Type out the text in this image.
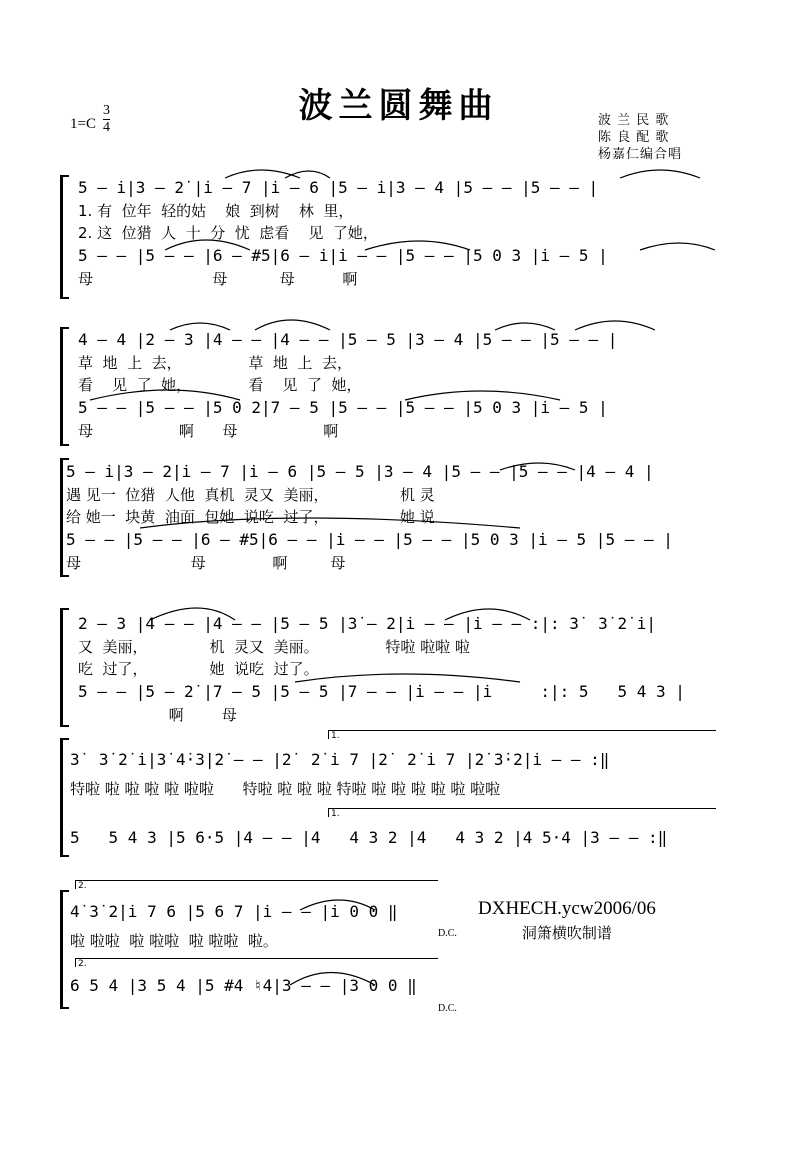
波兰圆舞曲
1=C
3
4	波 兰 民 歌
陈 良 配 歌
杨嘉仁编合唱
5 – i̇|3 – 2̇ |i̇ – 7 |i̇ – 6 |5 – i̇|3 – 4 |5 – – |5 – – |
1. 有  位年  轻的姑    娘  到树    林  里，
2. 这  位猎  人  十  分  忧  虑看    见  了她，
5 – – |5 – – |6 – #5|6 – i̇|i̇ – – |5 – – |5 0 3 |i̇ – 5 |
母                         母           母          啊
4 – 4 |2 – 3 |4 – – |4 – – |5 – 5 |3 – 4 |5 – – |5 – – |
草  地  上  去，              草  地  上  去，
看    见  了  她，            看    见  了  她，
5 – – |5 – – |5 0 2̇|7 – 5 |5 – – |5 – – |5 0 3 |i̇ – 5 |
母                  啊      母                  啊
5 – i̇|3 – 2̇|i̇ – 7 |i̇ – 6 |5 – 5 |3 – 4 |5 – – |5 – – |4 – 4 |
遇 见一  位猎  人他  真机  灵又  美丽，               机 灵
给 她一  块黄  油面  包她  说吃  过了，               她 说
5 – – |5 – – |6 – #5|6 – – |i – – |5 – – |5 0 3 |i̇ – 5 |5 – – |
母                       母              啊         母
2 – 3 |4 – – |4 – – |5 – 5 |3̇ – 2̇|i̇ – – |i̇ – – :|: 3̇  3̇ 2̇ i̇|
又  美丽，             机  灵又  美丽。              特啦 啦啦 啦
吃  过了，             她  说吃  过了。
5 – – |5 – 2̇ |7 – 5 |5 – 5 |7 – – |i̇ – – |i̇     :|: 5   5 4 3 |
啊        母
1.
1.
3̇  3̇ 2̇ i̇|3̇ 4̇·3̇|2̇ – – |2̇  2̇ i̇ 7 |2̇  2̇ i̇ 7 |2̇ 3̇·2̇|i̇ – – :‖
特啦 啦 啦 啦 啦 啦啦      特啦 啦 啦 啦 特啦 啦 啦 啦 啦 啦 啦啦
5   5 4 3 |5 6·5 |4 – – |4   4 3 2 |4   4 3 2 |4 5·4 |3 – – :‖
2.
2.
4̇ 3̇ 2̇|i̇ 7 6 |5 6 7 |i̇ – – |i̇ 0 0 ‖
啦 啦啦  啦 啦啦  啦 啦啦  啦。
6 5 4 |3 5 4 |5 #4 ♮4|3 – – |3 0 0 ‖
D.C.
D.C.
DXHECH.ycw2006/06
洞箫横吹制谱
